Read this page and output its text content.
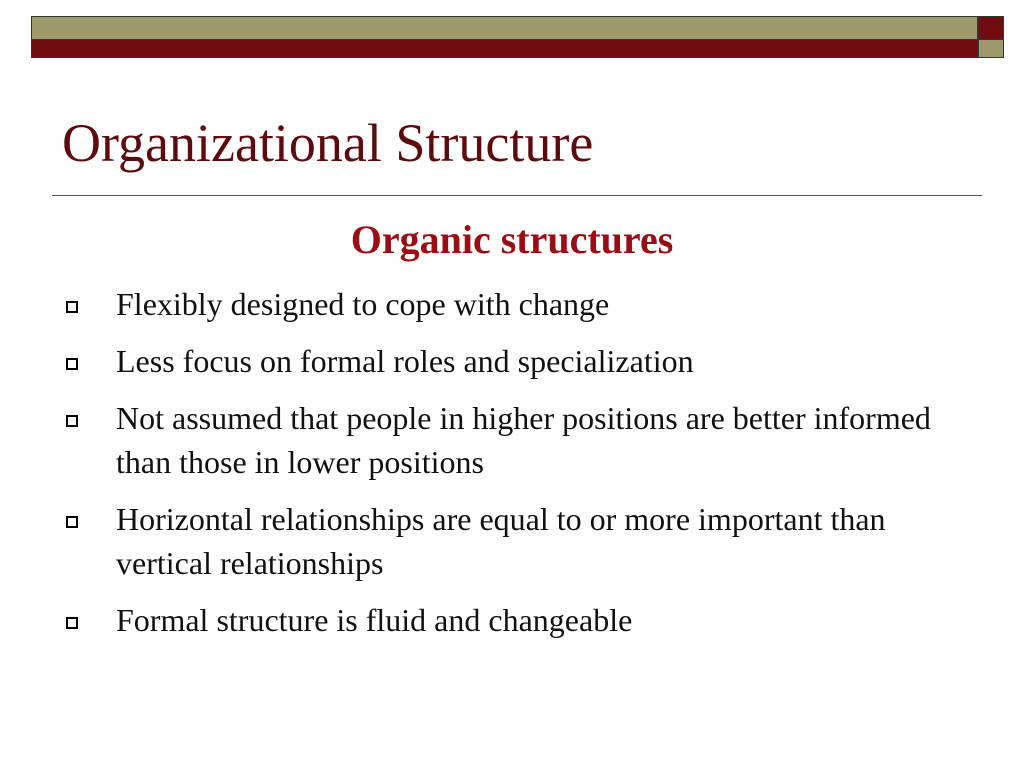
Organizational Structure
Organic structures
Flexibly designed to cope with change
Less focus on formal roles and specialization
Not assumed that people in higher positions are better informed than those in lower positions
Horizontal relationships are equal to or more important than vertical relationships
Formal structure is fluid and changeable
